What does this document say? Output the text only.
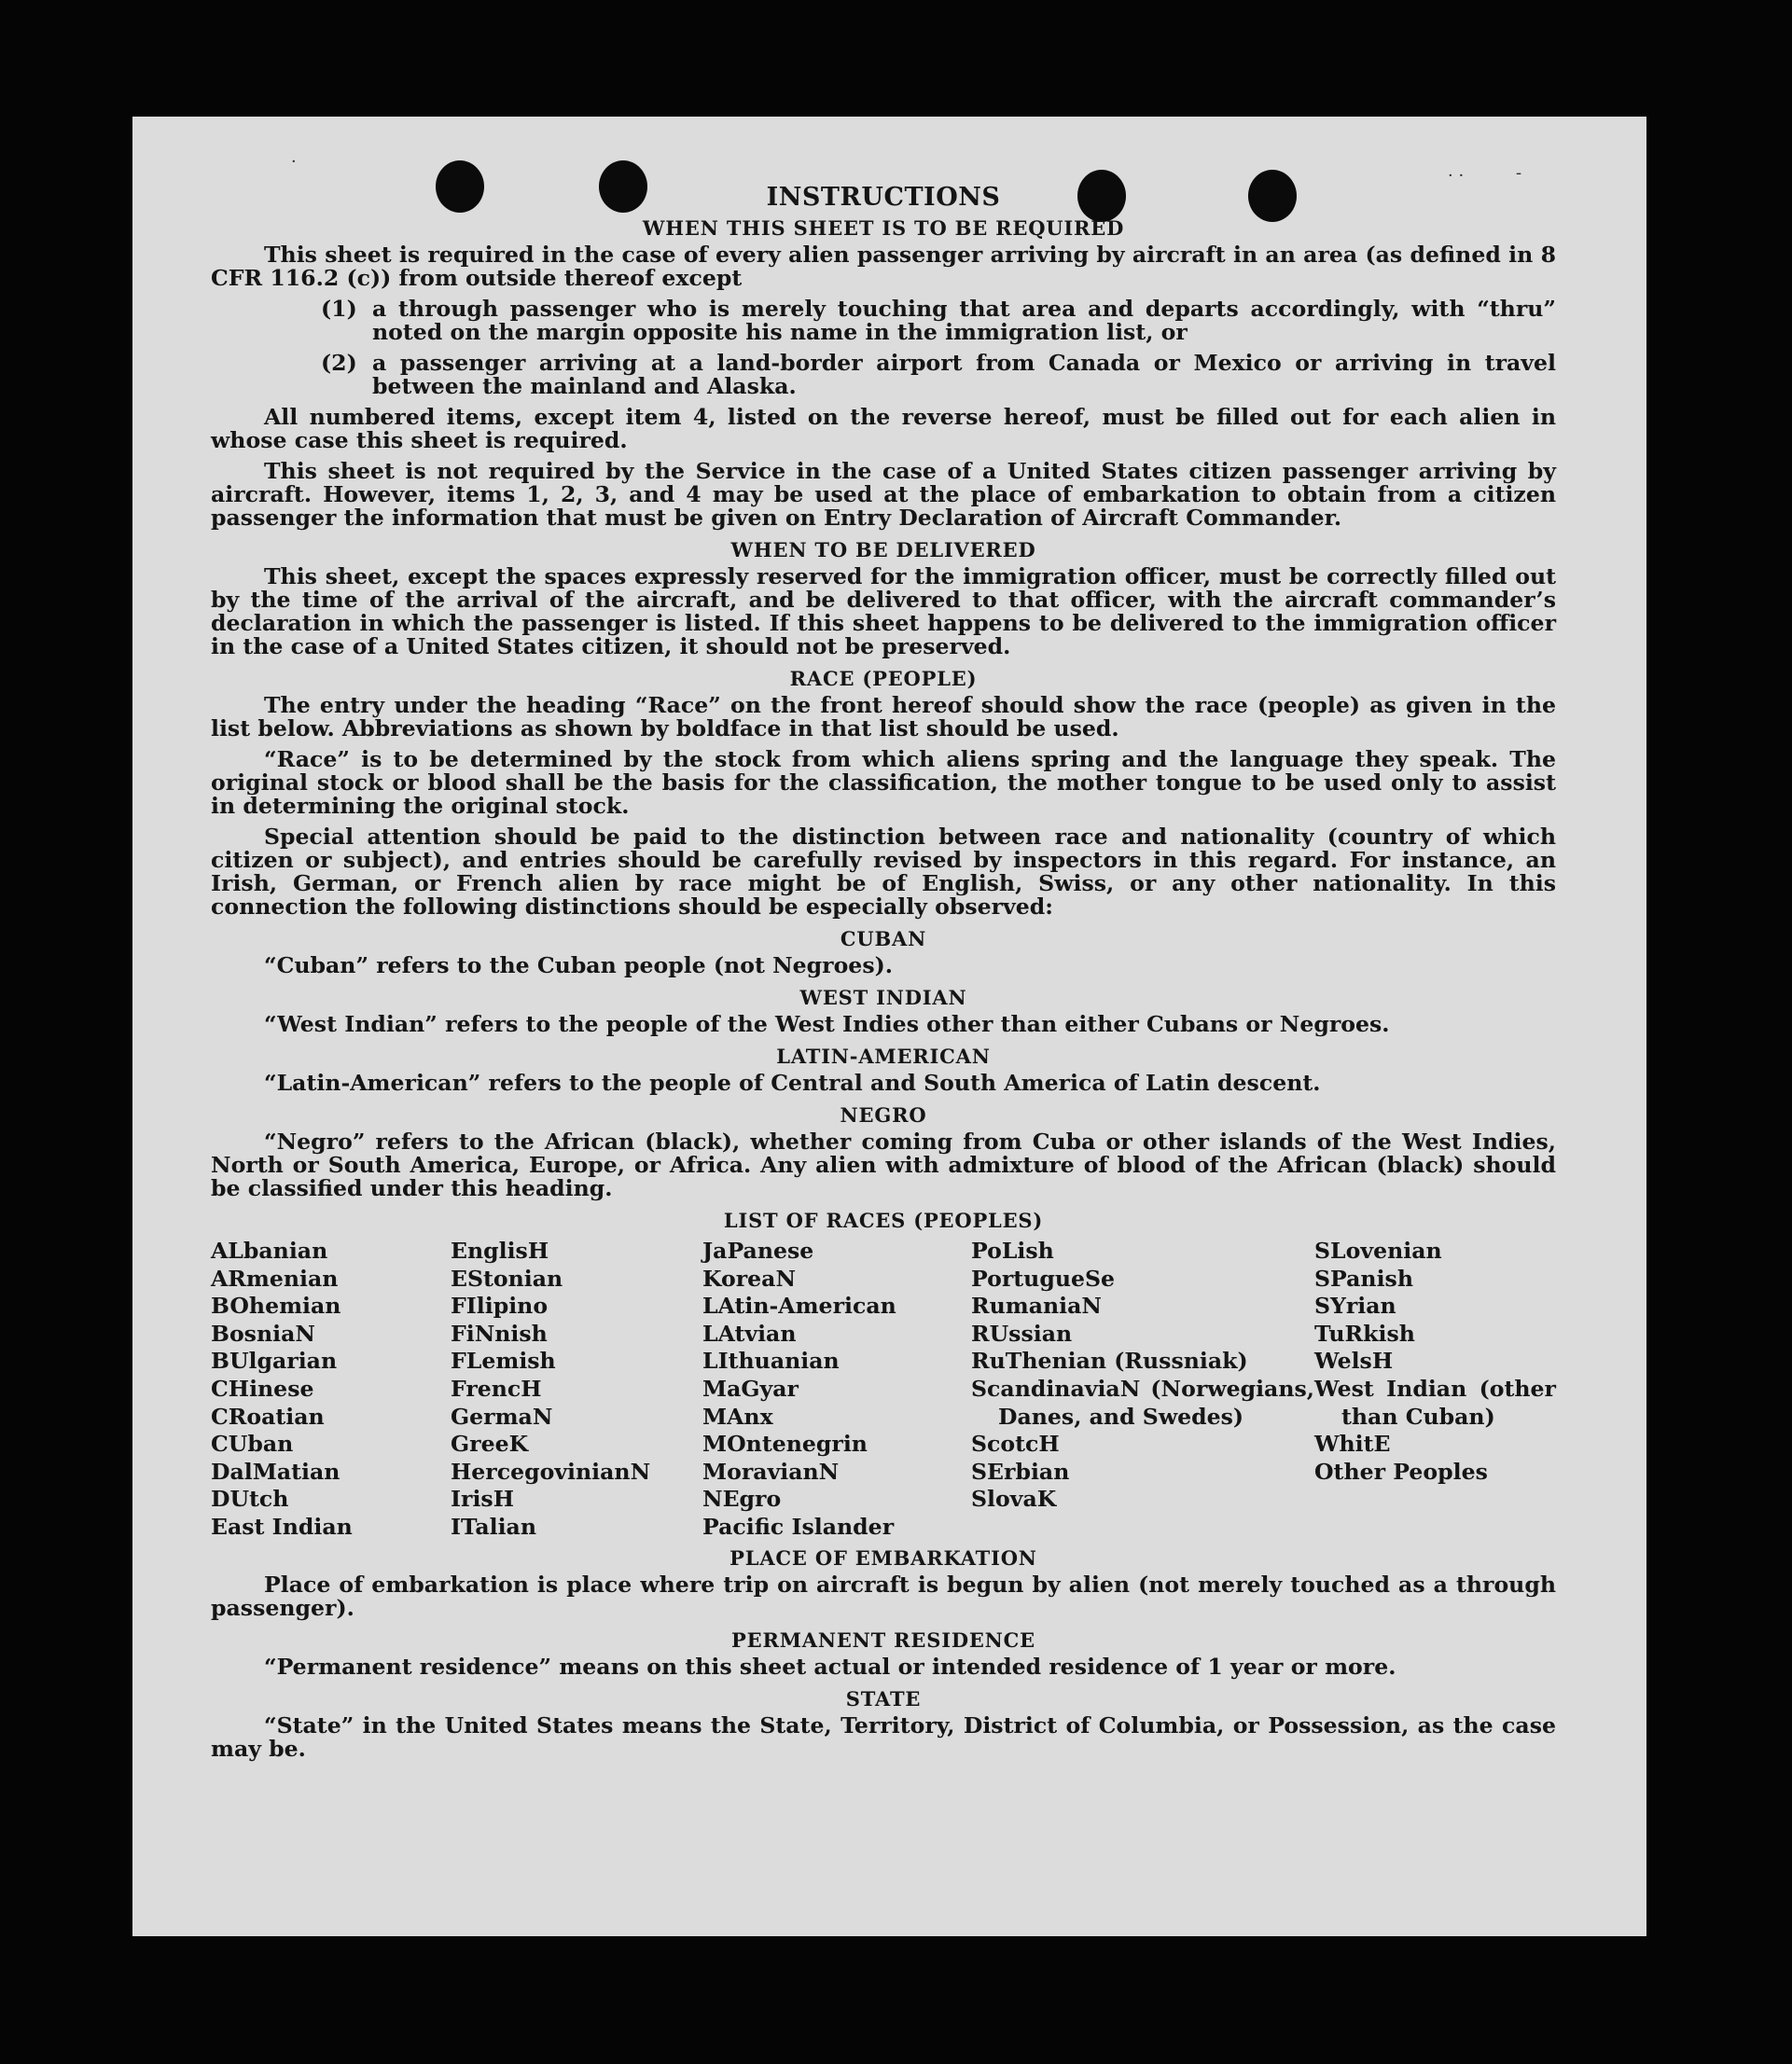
·
· ·	-
INSTRUCTIONS
WHEN THIS SHEET IS TO BE REQUIRED
This sheet is required in the case of every alien passenger arriving by aircraft in an area (as defined in 8 CFR 116.2 (c)) from outside thereof except
(1) a through passenger who is merely touching that area and departs accordingly, with “thru” noted on the margin opposite his name in the immigration list, or
(2) a passenger arriving at a land-border airport from Canada or Mexico or arriving in travel between the mainland and Alaska.
All numbered items, except item 4, listed on the reverse hereof, must be filled out for each alien in whose case this sheet is required.
This sheet is not required by the Service in the case of a United States citizen passenger arriving by aircraft. However, items 1, 2, 3, and 4 may be used at the place of embarkation to obtain from a citizen passenger the information that must be given on Entry Declaration of Aircraft Commander.
WHEN TO BE DELIVERED
This sheet, except the spaces expressly reserved for the immigration officer, must be correctly filled out by the time of the arrival of the aircraft, and be delivered to that officer, with the aircraft commander’s declaration in which the passenger is listed. If this sheet happens to be delivered to the immigration officer in the case of a United States citizen, it should not be preserved.
RACE (PEOPLE)
The entry under the heading “Race” on the front hereof should show the race (people) as given in the list below. Abbreviations as shown by boldface in that list should be used.
“Race” is to be determined by the stock from which aliens spring and the language they speak. The original stock or blood shall be the basis for the classification, the mother tongue to be used only to assist in determining the original stock.
Special attention should be paid to the distinction between race and nationality (country of which citizen or subject), and entries should be carefully revised by inspectors in this regard. For instance, an Irish, German, or French alien by race might be of English, Swiss, or any other nationality. In this connection the following distinctions should be especially observed:
CUBAN
“Cuban” refers to the Cuban people (not Negroes).
WEST INDIAN
“West Indian” refers to the people of the West Indies other than either Cubans or Negroes.
LATIN-AMERICAN
“Latin-American” refers to the people of Central and South America of Latin descent.
NEGRO
“Negro” refers to the African (black), whether coming from Cuba or other islands of the West Indies, North or South America, Europe, or Africa. Any alien with admixture of blood of the African (black) should be classified under this heading.
LIST OF RACES (PEOPLES)
ALbanian
ARmenian
BOhemian
BosniaN
BUlgarian
CHinese
CRoatian
CUban
DalMatian
DUtch
East Indian
EnglisH
EStonian
FIlipino
FiNnish
FLemish
FrencH
GermaN
GreeK
HercegovinianN
IrisH
ITalian
JaPanese
KoreaN
LAtin-American
LAtvian
LIthuanian
MaGyar
MAnx
MOntenegrin
MoravianN
NEgro
Pacific Islander
PoLish
PortugueSe
RumaniaN
RUssian
RuThenian (Russniak)
ScandinaviaN (Norwegians, Danes, and Swedes)
ScotcH
SErbian
SlovaK
SLovenian
SPanish
SYrian
TuRkish
WelsH
West Indian (other than Cuban)
WhitE
Other Peoples
PLACE OF EMBARKATION
Place of embarkation is place where trip on aircraft is begun by alien (not merely touched as a through passenger).
PERMANENT RESIDENCE
“Permanent residence” means on this sheet actual or intended residence of 1 year or more.
STATE
“State” in the United States means the State, Territory, District of Columbia, or Possession, as the case may be.
